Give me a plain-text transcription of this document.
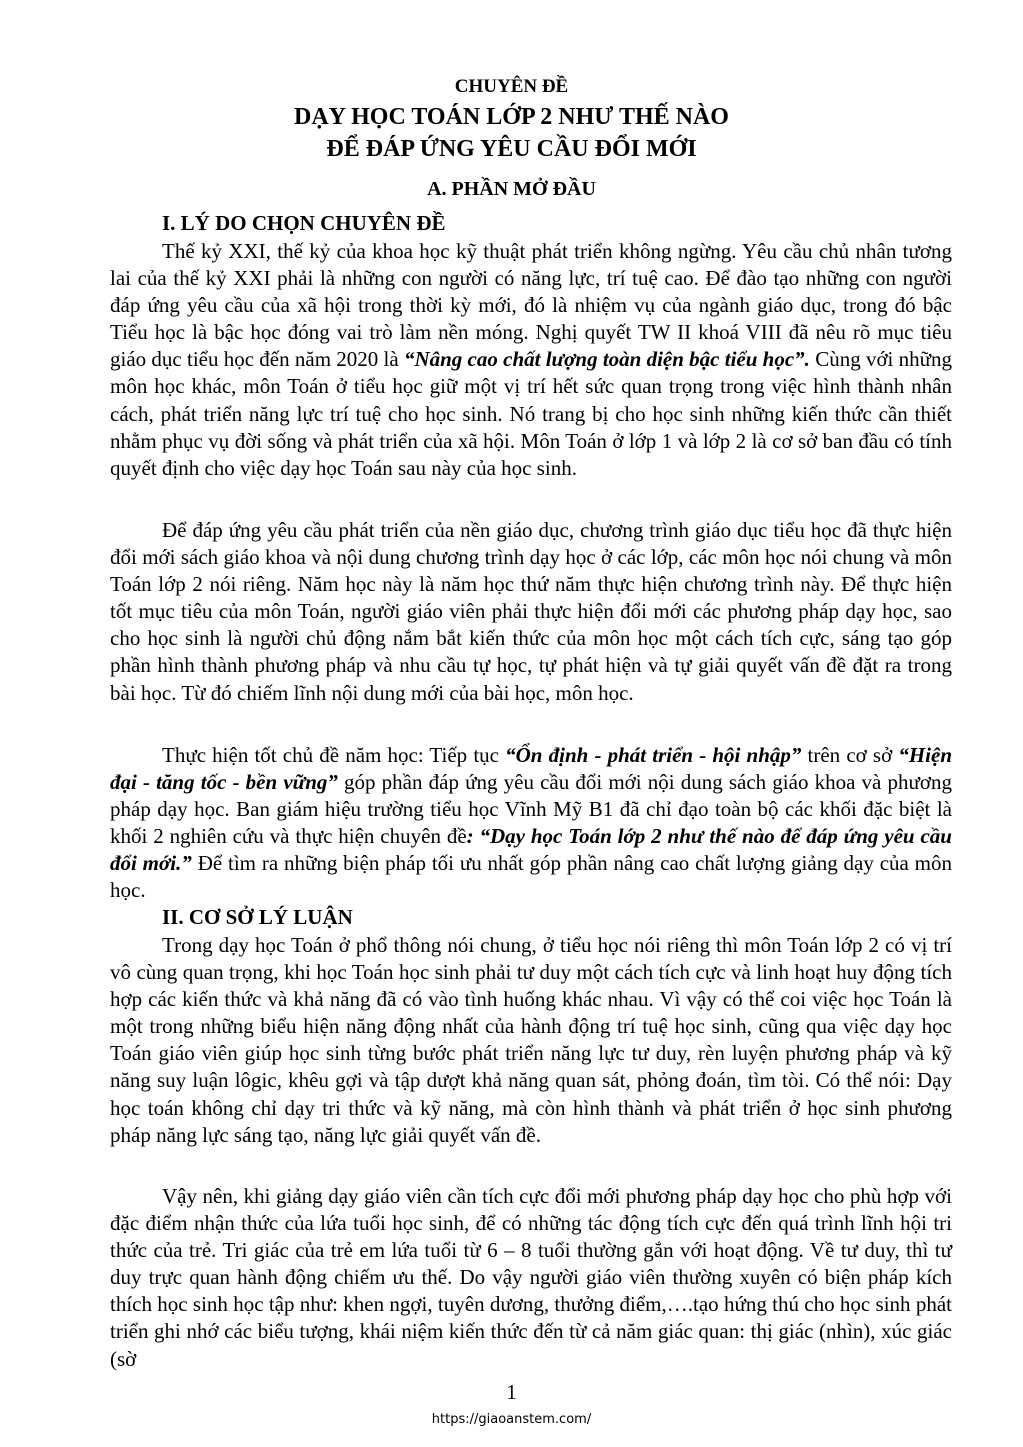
CHUYÊN ĐỀ
DẠY HỌC TOÁN LỚP 2 NHƯ THẾ NÀO
ĐỂ ĐÁP ỨNG YÊU CẦU ĐỔI MỚI
A. PHẦN MỞ ĐẦU
I. LÝ DO CHỌN CHUYÊN ĐỀ

Thế kỷ XXI, thế kỷ của khoa học kỹ thuật phát triển không ngừng. Yêu cầu chủ nhân tương lai của thế kỷ XXI phải là những con người có năng lực, trí tuệ cao. Để đào tạo những con người đáp ứng yêu cầu của xã hội trong thời kỳ mới, đó là nhiệm vụ của ngành giáo dục, trong đó bậc Tiểu học là bậc học đóng vai trò làm nền móng. Nghị quyết TW II khoá VIII đã nêu rõ mục tiêu giáo dục tiểu học đến năm 2020 là “Nâng cao chất lượng toàn diện bậc tiểu học”. Cùng với những môn học khác, môn Toán ở tiểu học giữ một vị trí hết sức quan trọng trong việc hình thành nhân cách, phát triển năng lực trí tuệ cho học sinh. Nó trang bị cho học sinh những kiến thức cần thiết nhằm phục vụ đời sống và phát triển của xã hội. Môn Toán ở lớp 1 và lớp 2 là cơ sở ban đầu có tính quyết định cho việc dạy học Toán sau này của học sinh.

Để đáp ứng yêu cầu phát triển của nền giáo dục, chương trình giáo dục tiểu học đã thực hiện đổi mới sách giáo khoa và nội dung chương trình dạy học ở các lớp, các môn học nói chung và môn Toán lớp 2 nói riêng. Năm học này là năm học thứ năm thực hiện chương trình này. Để thực hiện tốt mục tiêu của môn Toán, người giáo viên phải thực hiện đổi mới các phương pháp dạy học, sao cho học sinh là người chủ động nắm bắt kiến thức của môn học một cách tích cực, sáng tạo góp phần hình thành phương pháp và nhu cầu tự học, tự phát hiện và tự giải quyết vấn đề đặt ra trong bài học. Từ đó chiếm lĩnh nội dung mới của bài học, môn học.

Thực hiện tốt chủ đề năm học: Tiếp tục “Ổn định - phát triển - hội nhập” trên cơ sở “Hiện đại - tăng tốc - bền vững” góp phần đáp ứng yêu cầu đổi mới nội dung sách giáo khoa và phương pháp dạy học. Ban giám hiệu trường tiểu học Vĩnh Mỹ B1 đã chỉ đạo toàn bộ các khối đặc biệt là khối 2 nghiên cứu và thực hiện chuyên đề: “Dạy học Toán lớp 2 như thế nào để đáp ứng yêu cầu đổi mới.” Để tìm ra những biện pháp tối ưu nhất góp phần nâng cao chất lượng giảng dạy của môn học.

II. CƠ SỞ LÝ LUẬN

Trong dạy học Toán ở phổ thông nói chung, ở tiểu học nói riêng thì môn Toán lớp 2 có vị trí vô cùng quan trọng, khi học Toán học sinh phải tư duy một cách tích cực và linh hoạt huy động tích hợp các kiến thức và khả năng đã có vào tình huống khác nhau. Vì vậy có thể coi việc học Toán là một trong những biểu hiện năng động nhất của hành động trí tuệ học sinh, cũng qua việc dạy học Toán giáo viên giúp học sinh từng bước phát triển năng lực tư duy, rèn luyện phương pháp và kỹ năng suy luận lôgic, khêu gợi và tập dượt khả năng quan sát, phỏng đoán, tìm tòi. Có thể nói: Dạy học toán không chỉ dạy tri thức và kỹ năng, mà còn hình thành và phát triển ở học sinh phương pháp năng lực sáng tạo, năng lực giải quyết vấn đề.

Vậy nên, khi giảng dạy giáo viên cần tích cực đổi mới phương pháp dạy học cho phù hợp với đặc điểm nhận thức của lứa tuổi học sinh, để có những tác động tích cực đến quá trình lĩnh hội tri thức của trẻ. Tri giác của trẻ em lứa tuổi từ 6 – 8 tuổi thường gắn với hoạt động. Về tư duy, thì tư duy trực quan hành động chiếm ưu thế. Do vậy người giáo viên thường xuyên có biện pháp kích thích học sinh học tập như: khen ngợi, tuyên dương, thưởng điểm,….tạo hứng thú cho học sinh phát triển ghi nhớ các biểu tượng, khái niệm kiến thức đến từ cả năm giác quan: thị giác (nhìn), xúc giác (sờ

1
https://giaoanstem.com/
